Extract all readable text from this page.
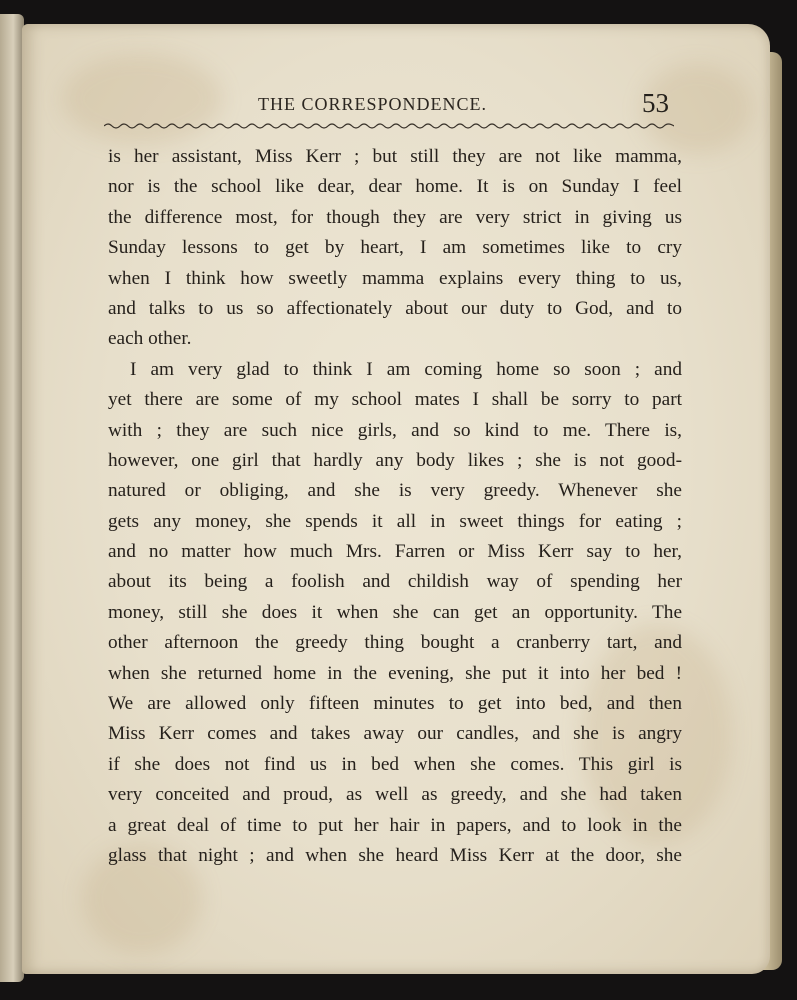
THE CORRESPONDENCE.	53
is her assistant, Miss Kerr ; but still they are not like mamma,
nor is the school like dear, dear home. It is on Sunday I feel
the difference most, for though they are very strict in giving us
Sunday lessons to get by heart, I am sometimes like to cry
when I think how sweetly mamma explains every thing to us,
and talks to us so affectionately about our duty to God, and to
each other.
I am very glad to think I am coming home so soon ; and
yet there are some of my school mates I shall be sorry to part
with ; they are such nice girls, and so kind to me. There is,
however, one girl that hardly any body likes ; she is not good-
natured or obliging, and she is very greedy. Whenever she
gets any money, she spends it all in sweet things for eating ;
and no matter how much Mrs. Farren or Miss Kerr say to her,
about its being a foolish and childish way of spending her
money, still she does it when she can get an opportunity. The
other afternoon the greedy thing bought a cranberry tart, and
when she returned home in the evening, she put it into her bed !
We are allowed only fifteen minutes to get into bed, and then
Miss Kerr comes and takes away our candles, and she is angry
if she does not find us in bed when she comes. This girl is
very conceited and proud, as well as greedy, and she had taken
a great deal of time to put her hair in papers, and to look in the
glass that night ; and when she heard Miss Kerr at the door, she
